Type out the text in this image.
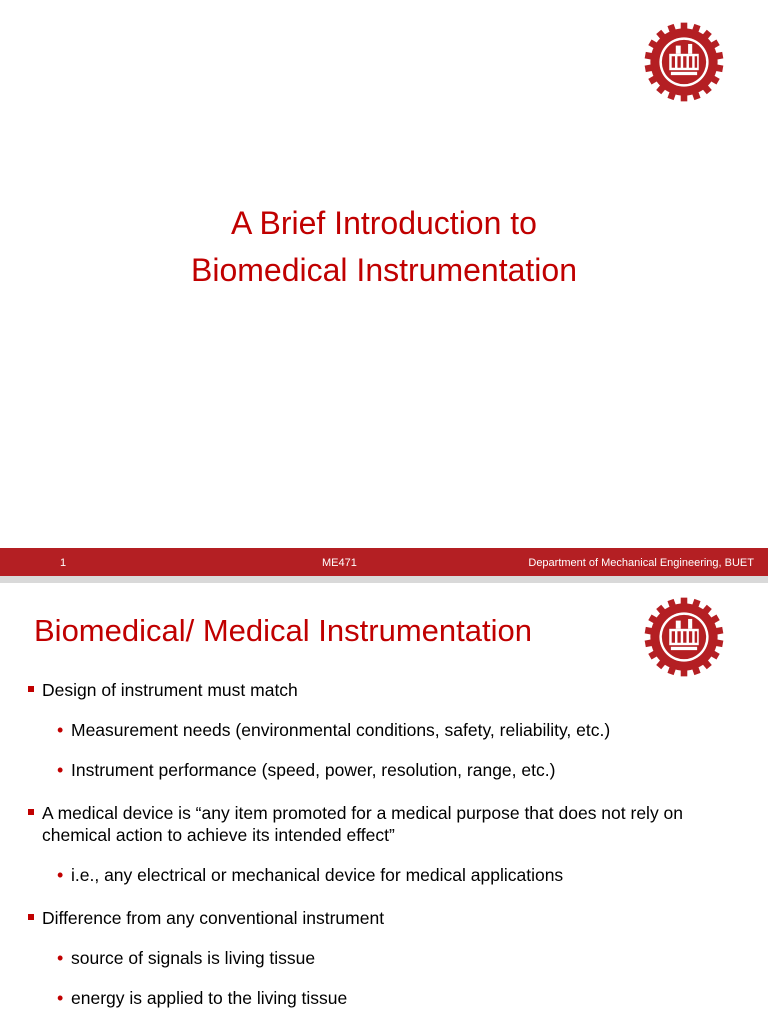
A Brief Introduction to
Biomedical Instrumentation
1	ME471	Department of Mechanical Engineering, BUET
Biomedical/ Medical Instrumentation
Design of instrument must match
• Measurement needs (environmental conditions, safety, reliability, etc.)
• Instrument performance (speed, power, resolution, range, etc.)
A medical device is “any item promoted for a medical purpose that does not rely on chemical action to achieve its intended effect”
• i.e., any electrical or mechanical device for medical applications
Difference from any conventional instrument
• source of signals is living tissue
• energy is applied to the living tissue
